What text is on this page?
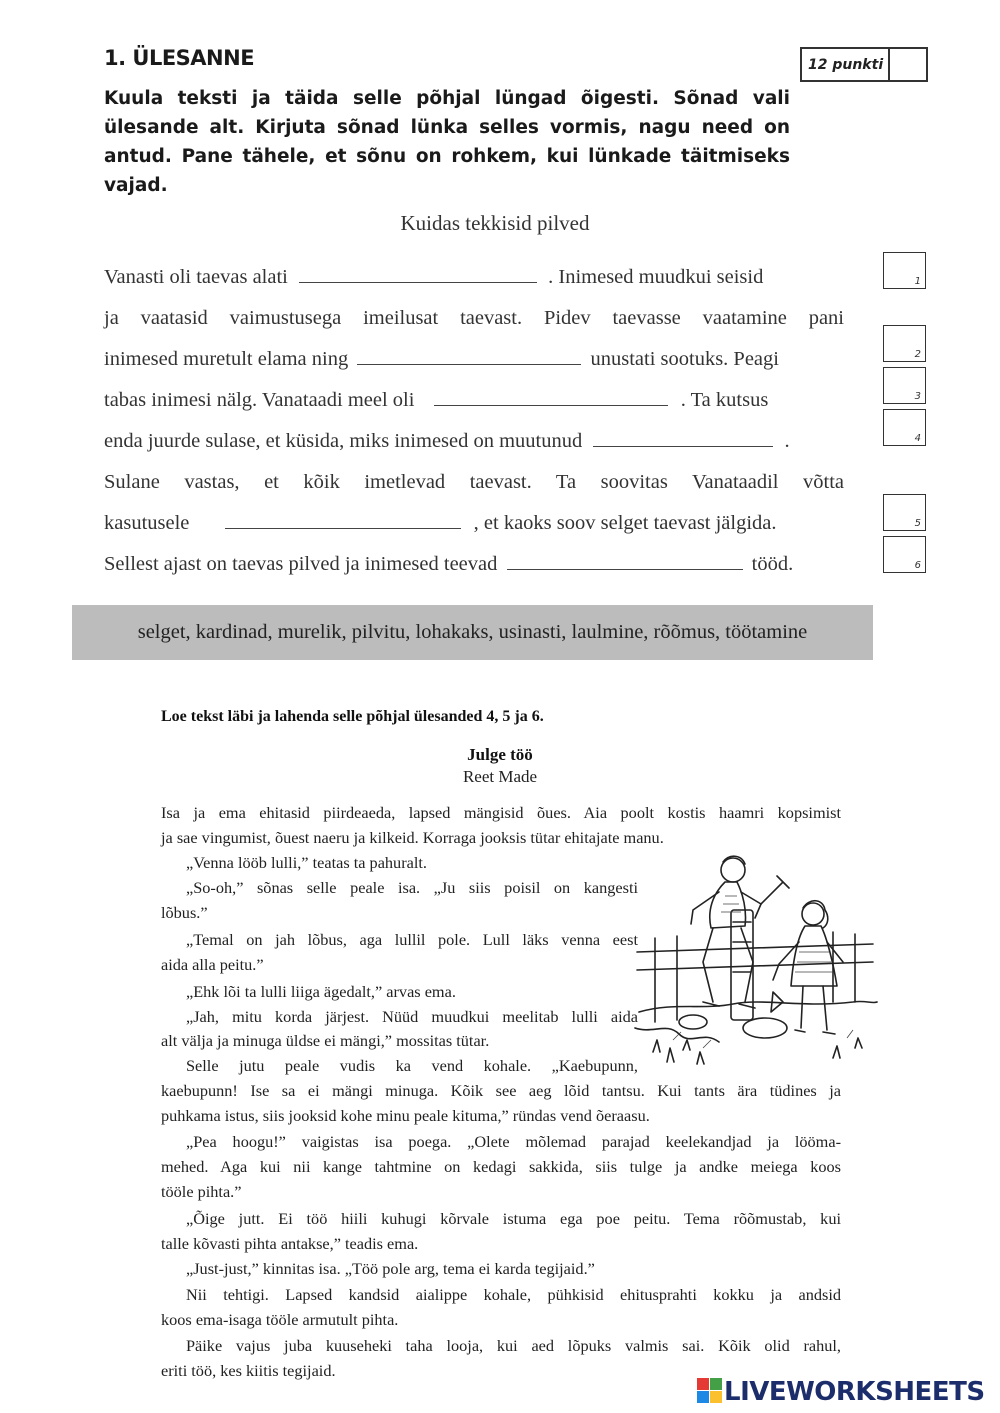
1. ÜLESANNE	12 punkti
Kuula teksti ja täida selle põhjal lüngad õigesti. Sõnad vali ülesande alt. Kirjuta sõnad lünka selles vormis, nagu need on antud. Pane tähele, et sõnu on rohkem, kui lünkade täitmiseks vajad.
Kuidas tekkisid pilved
Vanasti oli taevas alati	. Inimesed muudkui seisid
ja vaatasid vaimustusega imeilusat taevast. Pidev taevasse vaatamine pani
inimesed muretult elama ning	unustati sootuks. Peagi
tabas inimesi nälg. Vanataadi meel oli	. Ta kutsus
enda juurde sulase, et küsida, miks inimesed on muutunud	.
Sulane vastas, et kõik imetlevad taevast. Ta soovitas Vanataadil võtta
kasutusele	, et kaoks soov selget taevast jälgida.
Sellest ajast on taevas pilved ja inimesed teevad	tööd.
1
2
3
4
5
6
selget, kardinad, murelik, pilvitu, lohakaks, usinasti, laulmine, rõõmus, töötamine
Loe tekst läbi ja lahenda selle põhjal ülesanded 4, 5 ja 6.
Julge töö
Reet Made
Isa ja ema ehitasid piirdeaeda, lapsed mängisid õues. Aia poolt kostis haamri kopsimist
ja sae vingumist, õuest naeru ja kilkeid. Korraga jooksis tütar ehitajate manu.
„Venna lööb lulli,” teatas ta pahuralt.
„So-oh,” sõnas selle peale isa. „Ju siis poisil on kangesti
lõbus.”
„Temal on jah lõbus, aga lullil pole. Lull läks venna eest
aida alla peitu.”
„Ehk lõi ta lulli liiga ägedalt,” arvas ema.
„Jah, mitu korda järjest. Nüüd muudkui meelitab lulli aida
alt välja ja minuga üldse ei mängi,” mossitas tütar.
Selle jutu peale vudis ka vend kohale. „Kaebupunn,
kaebupunn! Ise sa ei mängi minuga. Kõik see aeg lõid tantsu. Kui tants ära tüdines ja
puhkama istus, siis jooksid kohe minu peale kituma,” ründas vend õeraasu.
„Pea hoogu!” vaigistas isa poega. „Olete mõlemad parajad keelekandjad ja löömа-
mehed. Aga kui nii kange tahtmine on kedagi sakkida, siis tulge ja andke meiega koos
tööle pihta.”
„Õige jutt. Ei töö hiili kuhugi kõrvale istuma ega poe peitu. Tema rõõmustab, kui
talle kõvasti pihta antakse,” teadis ema.
„Just-just,” kinnitas isa. „Töö pole arg, tema ei karda tegijaid.”
Nii tehtigi. Lapsed kandsid aialippe kohale, pühkisid ehitusprahti kokku ja andsid
koos ema-isaga tööle armutult pihta.
Päike vajus juba kuuseheki taha looja, kui aed lõpuks valmis sai. Kõik olid rahul,
eriti töö, kes kiitis tegijaid.
LIVEWORKSHEETS
